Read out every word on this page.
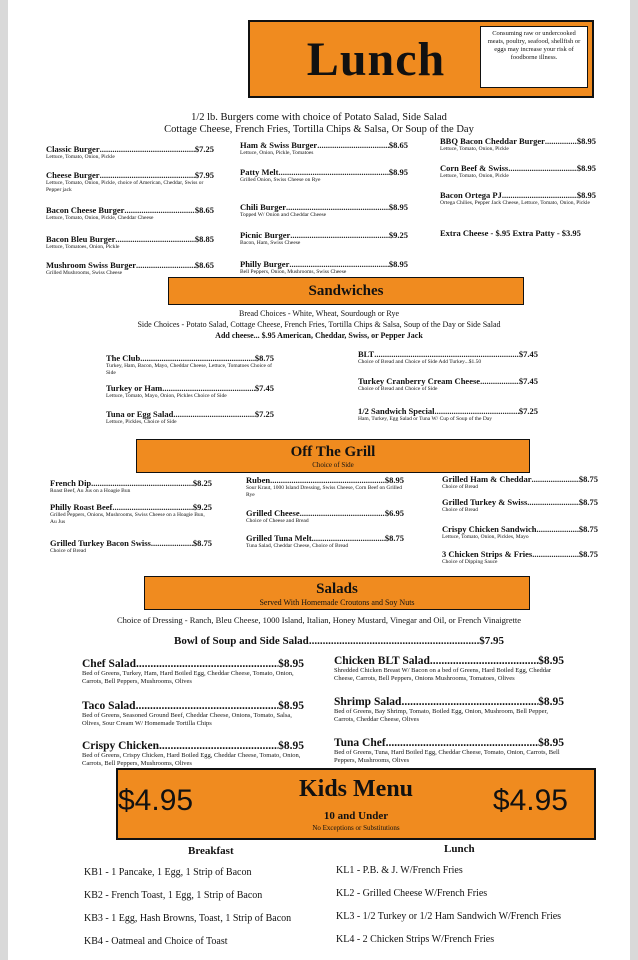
Lunch	Consuming raw or undercooked meats, poultry, seafood, shellfish or eggs may increase your risk of foodborne illness.
1/2 lb. Burgers come with choice of Potato Salad, Side Salad
Cottage Cheese, French Fries, Tortilla Chips & Salsa, Or Soup of the Day
Classic Burger .....	$7.25
Lettuce, Tomato, Onion, Pickle
Cheese Burger .....	$7.95
Lettuce, Tomato, Onion, Pickle, choice of American, Cheddar, Swiss or Pepper jack
Bacon Cheese Burger .....	$8.65
Lettuce, Tomato, Onion, Pickle, Cheddar Cheese
Bacon Bleu Burger .....	$8.85
Lettuce, Tomatoes, Onion, Pickle
Mushroom Swiss Burger .....	$8.65
Grilled Mushrooms, Swiss Cheese
Ham & Swiss Burger .....	$8.65
Lettuce, Onion, Pickle, Tomatoes
Patty Melt .....	$8.95
Grilled Onion, Swiss Cheese on Rye
Chili Burger .....	$8.95
Topped W/ Onion and Cheddar Cheese
Picnic Burger .....	$9.25
Bacon, Ham, Swiss Cheese
Philly Burger .....	$8.95
Bell Peppers, Onion, Mushrooms, Swiss Cheese
BBQ Bacon Cheddar Burger .....	$8.95
Lettuce, Tomato, Onion, Pickle
Corn Beef & Swiss .....	$8.95
Lettuce, Tomato, Onion, Pickle
Bacon Ortega PJ .....	$8.95
Ortega Chilies, Pepper Jack Cheese, Lettuce, Tomato, Onion, Pickle
Extra Cheese - $.95 Extra Patty - $3.95
Sandwiches
Bread Choices - White, Wheat, Sourdough or Rye
Side Choices - Potato Salad, Cottage Cheese, French Fries, Tortilla Chips & Salsa, Soup of the Day or Side Salad
Add cheese... $.95 American, Cheddar, Swiss, or Pepper Jack
The Club .....	$8.75
Turkey, Ham, Bacon, Mayo, Cheddar Cheese, Lettuce, Tomatoes Choice of Side
Turkey or Ham .....	$7.45
Lettuce, Tomato, Mayo, Onion, Pickles Choice of Side
Tuna or Egg Salad .....	$7.25
Lettuce, Pickles, Choice of Side
BLT .....	$7.45
Choice of Bread and Choice of Side Add Turkey...$1.50
Turkey Cranberry Cream Cheese .....	$7.45
Choice of Bread and Choice of Side
1/2 Sandwich Special .....	$7.25
Ham, Turkey, Egg Salad or Tuna W/ Cup of Soup of the Day
Off The Grill
Choice of Side
French Dip .....	$8.25
Roast Beef, Au Jus on a Hoagie Bun
Philly Roast Beef .....	$9.25
Grilled Peppers, Onions, Mushrooms, Swiss Cheese on a Hoagie Bun, Au Jus
Grilled Turkey Bacon Swiss .....	$8.75
Choice of Bread
Ruben .....	$8.95
Sour Kraut, 1000 Island Dressing, Swiss Cheese, Corn Beef on Grilled Rye
Grilled Cheese .....	$6.95
Choice of Cheese and Bread
Grilled Tuna Melt .....	$8.75
Tuna Salad, Cheddar Cheese, Choice of Bread
Grilled Ham & Cheddar .....	$8.75
Choice of Bread
Grilled Turkey & Swiss .....	$8.75
Choice of Bread
Crispy Chicken Sandwich .....	$8.75
Lettuce, Tomato, Onion, Pickles, Mayo
3 Chicken Strips & Fries .....	$8.75
Choice of Dipping Sauce
Salads
Served With Homemade Croutons and Soy Nuts
Choice of Dressing - Ranch, Bleu Cheese, 1000 Island, Italian, Honey Mustard, Vinegar and Oil, or French Vinaigrette
Bowl of Soup and Side Salad .....	$7.95
Chef Salad .....	$8.95
Bed of Greens, Turkey, Ham, Hard Boiled Egg, Cheddar Cheese, Tomato, Onion, Carrots, Bell Peppers, Mushrooms, Olives
Taco Salad .....	$8.95
Bed of Greens, Seasoned Ground Beef, Cheddar Cheese, Onions, Tomato, Salsa, Olives, Sour Cream W/ Homemade Tortilla Chips
Crispy Chicken .....	$8.95
Bed of Greens, Crispy Chicken, Hard Boiled Egg, Cheddar Cheese, Tomato, Onion, Carrots, Bell Peppers, Mushrooms, Olives
Chicken BLT Salad .....	$8.95
Shredded Chicken Breast W/ Bacon on a bed of Greens, Hard Boiled Egg, Cheddar Cheese, Carrots, Bell Peppers, Onions Mushrooms, Tomatoes, Olives
Shrimp Salad .....	$8.95
Bed of Greens, Bay Shrimp, Tomato, Boiled Egg, Onion, Mushroom, Bell Pepper, Carrots, Cheddar Cheese, Olives
Tuna Chef .....	$8.95
Bed of Greens, Tuna, Hard Boiled Egg, Cheddar Cheese, Tomato, Onion, Carrots, Bell Peppers, Mushrooms, Olives
$4.95	Kids Menu
10 and Under
No Exceptions or Substitutions
$4.95
Breakfast	Lunch
KB1 - 1 Pancake, 1 Egg, 1 Strip of Bacon
KB2 - French Toast, 1 Egg, 1 Strip of Bacon
KB3 - 1 Egg, Hash Browns, Toast, 1 Strip of Bacon
KB4 - Oatmeal and Choice of Toast
KL1 - P.B. & J. W/French Fries
KL2 - Grilled Cheese W/French Fries
KL3 - 1/2 Turkey or 1/2 Ham Sandwich W/French Fries
KL4 - 2 Chicken Strips W/French Fries
